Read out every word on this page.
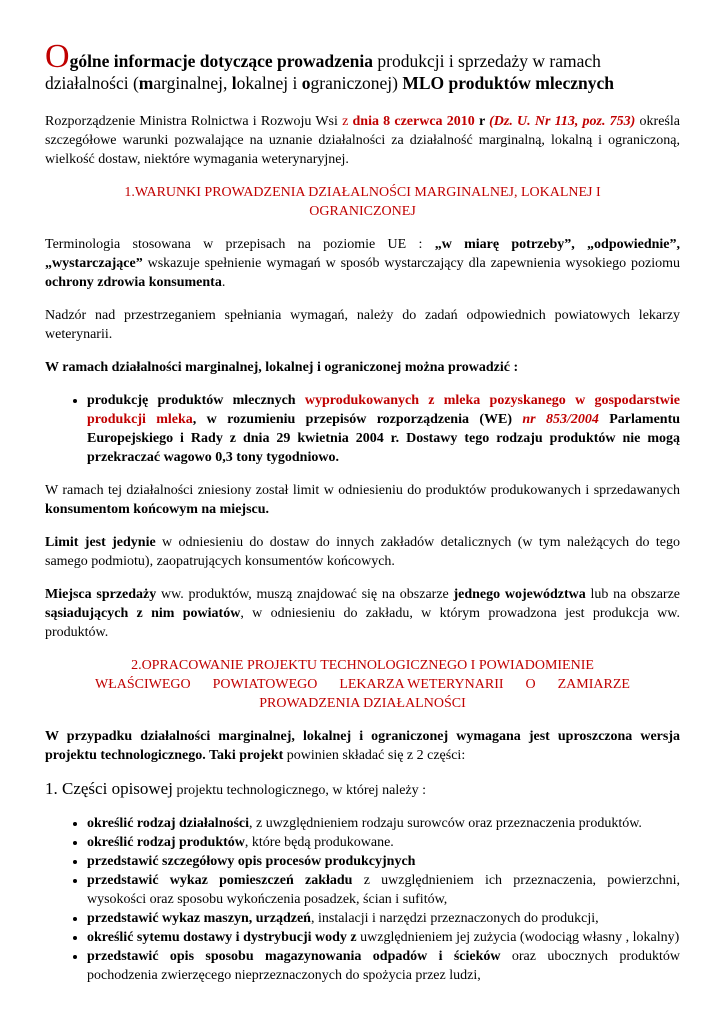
Ogólne informacje dotyczące prowadzenia produkcji i sprzedaży w ramach działalności (marginalnej, lokalnej i ograniczonej) MLO produktów mlecznych

Rozporządzenie Ministra Rolnictwa i Rozwoju Wsi z dnia 8 czerwca 2010 r (Dz. U. Nr 113, poz. 753) określa szczegółowe warunki pozwalające na uznanie działalności za działalność marginalną, lokalną i ograniczoną, wielkość dostaw, niektóre wymagania weterynaryjnej.

1.WARUNKI PROWADZENIA DZIAŁALNOŚCI MARGINALNEJ, LOKALNEJ I
OGRANICZONEJ

Terminologia stosowana w przepisach na poziomie UE : „w miarę potrzeby”, „odpowiednie”, „wystarczające” wskazuje spełnienie wymagań w sposób wystarczający dla zapewnienia wysokiego poziomu ochrony zdrowia konsumenta.

Nadzór nad przestrzeganiem spełniania wymagań, należy do zadań odpowiednich powiatowych lekarzy weterynarii.

W ramach działalności marginalnej, lokalnej i ograniczonej można prowadzić :

• produkcję produktów mlecznych wyprodukowanych z mleka pozyskanego w gospodarstwie produkcji mleka, w rozumieniu przepisów rozporządzenia (WE) nr 853/2004 Parlamentu Europejskiego i Rady z dnia 29 kwietnia 2004 r. Dostawy tego rodzaju produktów nie mogą przekraczać wagowo 0,3 tony tygodniowo.

W ramach tej działalności zniesiony został limit w odniesieniu do produktów produkowanych i sprzedawanych konsumentom końcowym na miejscu.

Limit jest jedynie w odniesieniu do dostaw do innych zakładów detalicznych (w tym należących do tego samego podmiotu), zaopatrujących konsumentów końcowych.

Miejsca sprzedaży ww. produktów, muszą znajdować się na obszarze jednego województwa lub na obszarze sąsiadujących z nim powiatów, w odniesieniu do zakładu, w którym prowadzona jest produkcja ww. produktów.

2.OPRACOWANIE PROJEKTU TECHNOLOGICZNEGO I POWIADOMIENIE
WŁAŚCIWEGO POWIATOWEGO LEKARZA WETERYNARII O ZAMIARZE
PROWADZENIA DZIAŁALNOŚCI

W przypadku działalności marginalnej, lokalnej i ograniczonej wymagana jest uproszczona wersja projektu technologicznego. Taki projekt powinien składać się z 2 części:

1. Części opisowej projektu technologicznego, w której należy :

• określić rodzaj działalności, z uwzględnieniem rodzaju surowców oraz przeznaczenia produktów.
• określić rodzaj produktów, które będą produkowane.
• przedstawić szczegółowy opis procesów produkcyjnych
• przedstawić wykaz pomieszczeń zakładu z uwzględnieniem ich przeznaczenia, powierzchni, wysokości oraz sposobu wykończenia posadzek, ścian i sufitów,
• przedstawić wykaz maszyn, urządzeń, instalacji i narzędzi przeznaczonych do produkcji,
• określić sytemu dostawy i dystrybucji wody z uwzględnieniem jej zużycia (wodociąg własny , lokalny)
• przedstawić opis sposobu magazynowania odpadów i ścieków oraz ubocznych produktów pochodzenia zwierzęcego nieprzeznaczonych do spożycia przez ludzi,
